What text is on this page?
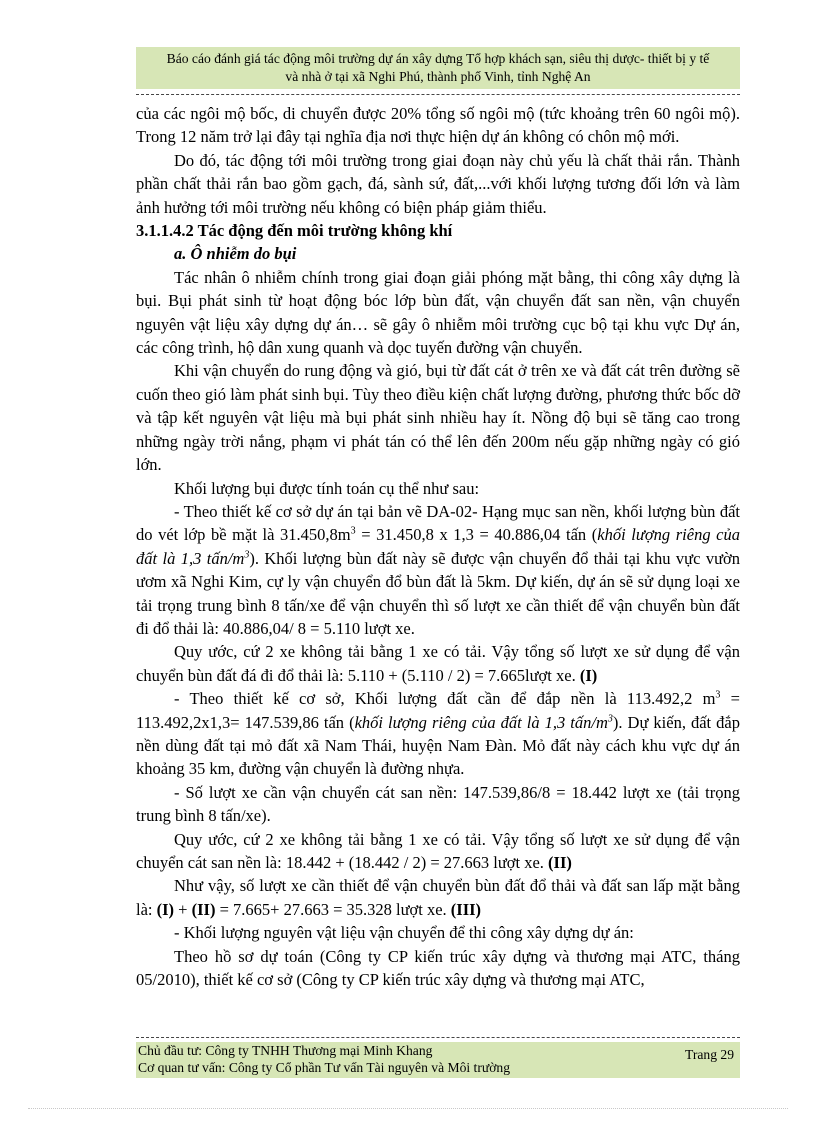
Báo cáo đánh giá tác động môi trường dự án xây dựng Tổ hợp khách sạn, siêu thị dược- thiết bị y tế
và nhà ở tại xã Nghi Phú, thành phố Vinh, tỉnh Nghệ An

của các ngôi mộ bốc, di chuyển được 20% tổng số ngôi mộ (tức khoảng trên 60 ngôi mộ). Trong 12 năm trở lại đây tại nghĩa địa nơi thực hiện dự án không có chôn mộ mới.

Do đó, tác động tới môi trường trong giai đoạn này chủ yếu là chất thải rắn. Thành phần chất thải rắn bao gồm gạch, đá, sành sứ, đất,...với khối lượng tương đối lớn và làm ảnh hưởng tới môi trường nếu không có biện pháp giảm thiểu.

3.1.1.4.2 Tác động đến môi trường không khí

a. Ô nhiễm do bụi

Tác nhân ô nhiễm chính trong giai đoạn giải phóng mặt bằng, thi công xây dựng là bụi. Bụi phát sinh từ hoạt động bóc lớp bùn đất, vận chuyển đất san nền, vận chuyển nguyên vật liệu xây dựng dự án… sẽ gây ô nhiễm môi trường cục bộ tại khu vực Dự án, các công trình, hộ dân xung quanh và dọc tuyến đường vận chuyển.

Khi vận chuyển do rung động và gió, bụi từ đất cát ở trên xe và đất cát trên đường sẽ cuốn theo gió làm phát sinh bụi. Tùy theo điều kiện chất lượng đường, phương thức bốc dỡ và tập kết nguyên vật liệu mà bụi phát sinh nhiều hay ít. Nồng độ bụi sẽ tăng cao trong những ngày trời nắng, phạm vi phát tán có thể lên đến 200m nếu gặp những ngày có gió lớn.

Khối lượng bụi được tính toán cụ thể như sau:

- Theo thiết kế cơ sở dự án tại bản vẽ DA-02- Hạng mục san nền, khối lượng bùn đất do vét lớp bề mặt là $31.450,8m^3 = 31.450,8$ x 1,3 = 40.886,04 tấn (khối lượng riêng của đất là 1,3 tấn/$m^3$). Khối lượng bùn đất này sẽ được vận chuyển đổ thải tại khu vực vườn ươm xã Nghi Kim, cự ly vận chuyển đổ bùn đất là 5km. Dự kiến, dự án sẽ sử dụng loại xe tải trọng trung bình 8 tấn/xe để vận chuyển thì số lượt xe cần thiết để vận chuyển bùn đất đi đổ thải là: 40.886,04/ 8 = 5.110 lượt xe.

Quy ước, cứ 2 xe không tải bằng 1 xe có tải. Vậy tổng số lượt xe sử dụng để vận chuyển bùn đất đá đi đổ thải là: 5.110 + (5.110 / 2) = 7.665lượt xe. (I)

- Theo thiết kế cơ sở, Khối lượng đất cần để đắp nền là 113.492,2 $m^3 = 113.492,2x1,3= 147.539,86$ tấn (khối lượng riêng của đất là 1,3 tấn/$m^3$). Dự kiến, đất đắp nền dùng đất tại mỏ đất xã Nam Thái, huyện Nam Đàn. Mỏ đất này cách khu vực dự án khoảng 35 km, đường vận chuyển là đường nhựa.

- Số lượt xe cần vận chuyển cát san nền: 147.539,86/8 = 18.442 lượt xe (tải trọng trung bình 8 tấn/xe).

Quy ước, cứ 2 xe không tải bằng 1 xe có tải. Vậy tổng số lượt xe sử dụng để vận chuyển cát san nền là: 18.442 + (18.442 / 2) = 27.663 lượt xe. (II)

Như vậy, số lượt xe cần thiết để vận chuyển bùn đất đổ thải và đất san lấp mặt bằng là: (I) + (II) = 7.665+ 27.663 = 35.328 lượt xe. (III)

- Khối lượng nguyên vật liệu vận chuyển để thi công xây dựng dự án:

Theo hồ sơ dự toán (Công ty CP kiến trúc xây dựng và thương mại ATC, tháng 05/2010), thiết kế cơ sở (Công ty CP kiến trúc xây dựng và thương mại ATC,

Chủ đầu tư: Công ty TNHH Thương mại Minh Khang
Cơ quan tư vấn: Công ty Cổ phần Tư vấn Tài nguyên và Môi trường
Trang 29
